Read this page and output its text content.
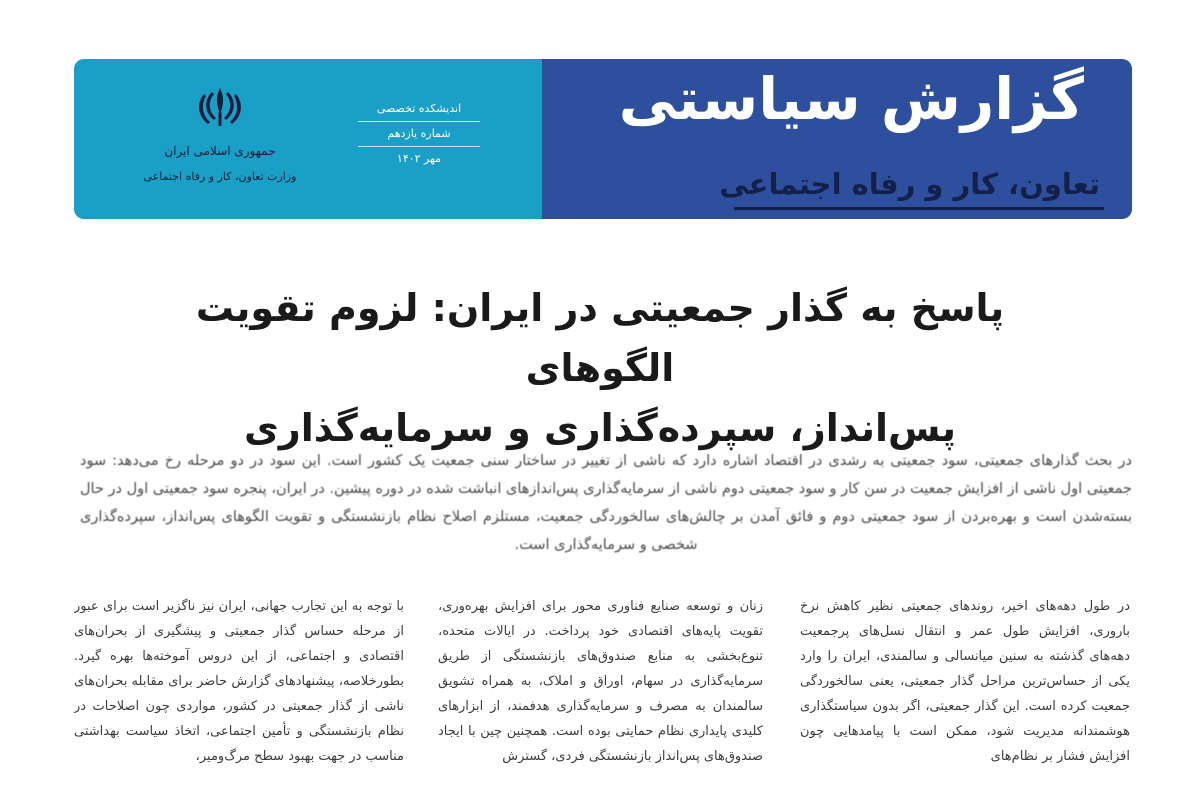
گزارش سیاستی
تعاون، کار و رفاه اجتماعی
اندیشکده تخصصی
شماره یازدهم
مهر ۱۴۰۲
جمهوری اسلامی ایران
وزارت تعاون، کار و رفاه اجتماعی
پاسخ به گذار جمعیتی در ایران: لزوم تقویت الگوهای
پس‌انداز، سپرده‌گذاری و سرمایه‌گذاری
در بحث گذارهای جمعیتی، سود جمعیتی به رشدی در اقتصاد اشاره دارد که ناشی از تغییر در ساختار سنی جمعیت یک کشور است. این سود در دو مرحله رخ می‌دهد: سود جمعیتی اول ناشی از افزایش جمعیت در سن کار و سود جمعیتی دوم ناشی از سرمایه‌گذاری پس‌اندازهای انباشت شده در دوره پیشین. در ایران، پنجره سود جمعیتی اول در حال بسته‌شدن است و بهره‌بردن از سود جمعیتی دوم و فائق آمدن بر چالش‌های سالخوردگی جمعیت، مستلزم اصلاح نظام بازنشستگی و تقویت الگوهای پس‌انداز، سپرده‌گذاری شخصی و سرمایه‌گذاری است.
در طول دهه‌های اخیر، روندهای جمعیتی نظیر کاهش نرخ باروری، افزایش طول عمر و انتقال نسل‌های پرجمعیت دهه‌های گذشته به سنین میانسالی و سالمندی، ایران را وارد یکی از حساس‌ترین مراحل گذار جمعیتی، یعنی سالخوردگی جمعیت کرده است. این گذار جمعیتی، اگر بدون سیاستگذاری هوشمندانه مدیریت شود، ممکن است با پیامدهایی چون افزایش فشار بر نظام‌های
زنان و توسعه صنایع فناوری محور برای افزایش بهره‌وری، تقویت پایه‌های اقتصادی خود پرداخت. در ایالات متحده، تنوع‌بخشی به منابع صندوق‌های بازنشستگی از طریق سرمایه‌گذاری در سهام، اوراق و املاک، به همراه تشویق سالمندان به مصرف و سرمایه‌گذاری هدفمند، از ابزارهای کلیدی پایداری نظام حمایتی بوده است. همچنین چین با ایجاد صندوق‌های پس‌انداز بازنشستگی فردی، گسترش
با توجه به این تجارب جهانی، ایران نیز ناگزیر است برای عبور از مرحله حساس گذار جمعیتی و پیشگیری از بحران‌های اقتصادی و اجتماعی، از این دروس آموخته‌ها بهره گیرد. بطورخلاصه، پیشنهادهای گزارش حاضر برای مقابله بحران‌های ناشی از گذار جمعیتی در کشور، مواردی چون اصلاحات در نظام بازنشستگی و تأمین اجتماعی، اتخاذ سیاست بهداشتی مناسب در جهت بهبود سطح مرگ‌ومیر،
